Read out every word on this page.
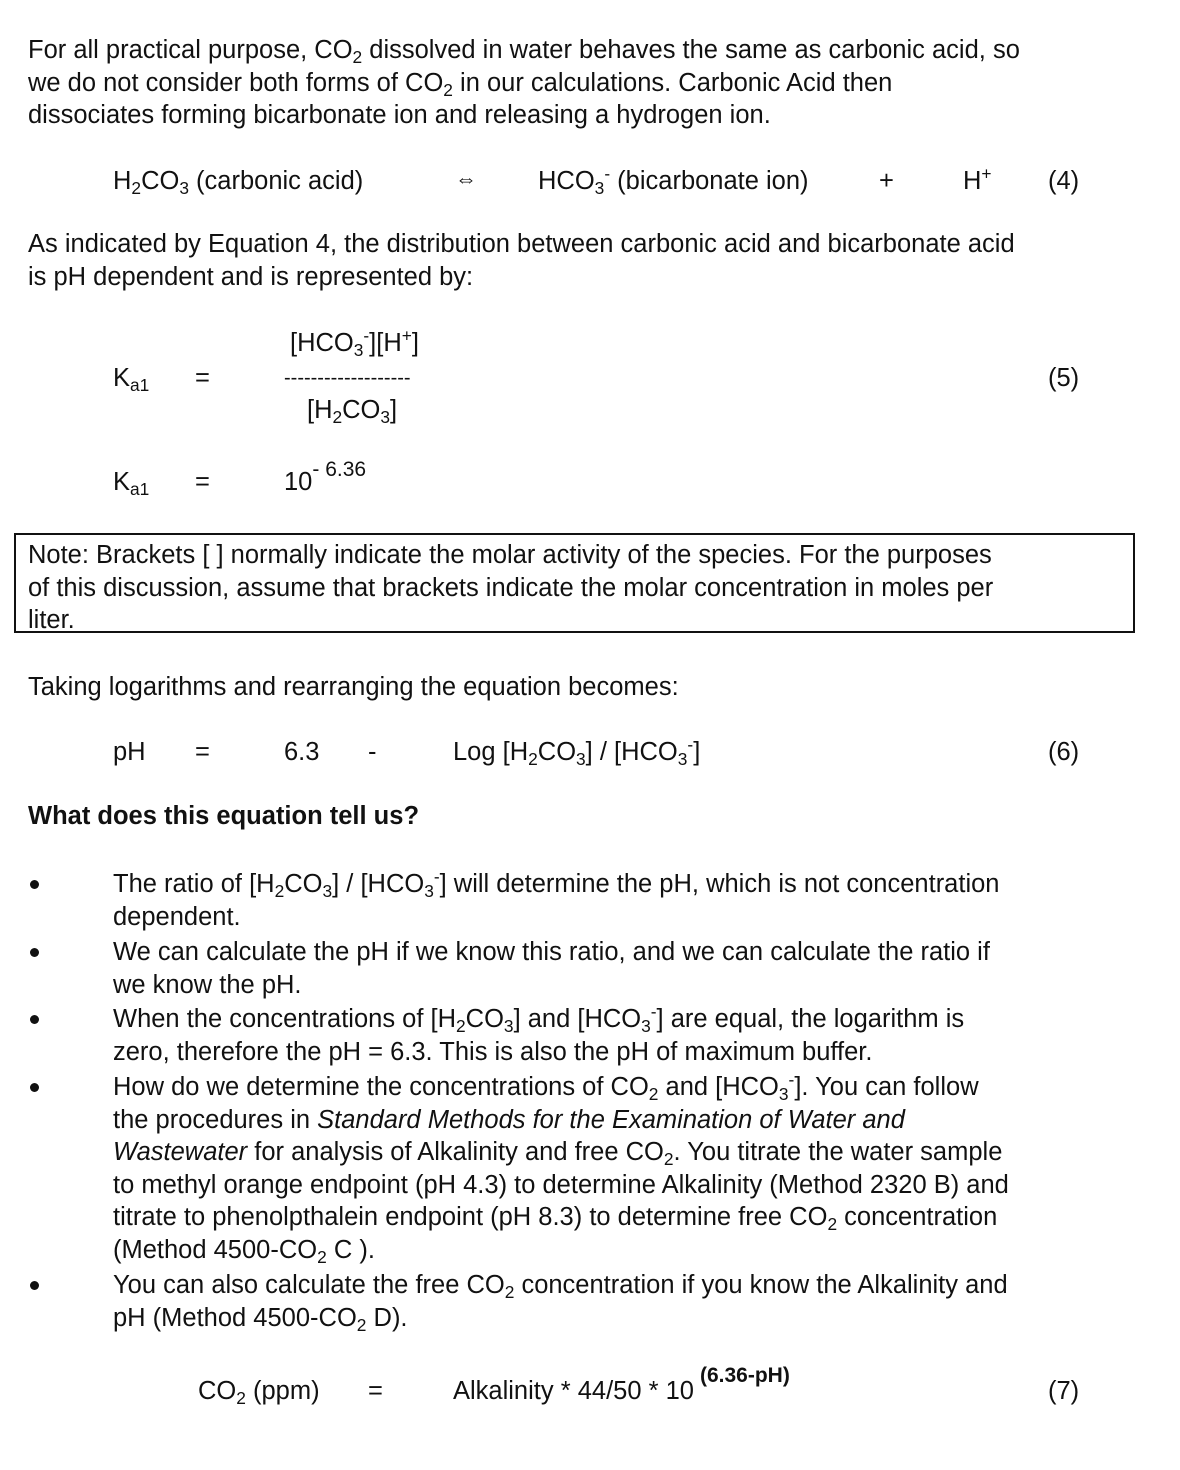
For all practical purpose, $CO_2$ dissolved in water behaves the same as carbonic acid, so
we do not consider both forms of $CO_2$ in our calculations. Carbonic Acid then
dissociates forming bicarbonate ion and releasing a hydrogen ion.
$H_2CO_3$ (carbonic acid)	⇔ $HCO_3^-$ (bicarbonate ion)	+	H+ (4)
As indicated by Equation 4, the distribution between carbonic acid and bicarbonate acid
is pH dependent and is represented by:
$K_{a1}$ =
$[HCO_3^-][H^+]$
-------------------
$[H_2CO_3]$
(5)
$K_{a1}$ =	$10^{- 6.36}$
Note: Brackets [ ] normally indicate the molar activity of the species. For the purposes
of this discussion, assume that brackets indicate the molar concentration in moles per
liter.
Taking logarithms and rearranging the equation becomes:
pH =	6.3 -	Log $[H_2CO_3] / [HCO_3^-]$	(6)
What does this equation tell us?
The ratio of $[H_2CO_3] / [HCO_3^-]$ will determine the pH, which is not concentration
dependent.
We can calculate the pH if we know this ratio, and we can calculate the ratio if
we know the pH.
When the concentrations of $[H_2CO_3]$ and $[HCO_3^-]$ are equal, the logarithm is
zero, therefore the pH = 6.3. This is also the pH of maximum buffer.
How do we determine the concentrations of $CO_2$ and $[HCO_3^-]$. You can follow
the procedures in Standard Methods for the Examination of Water and
Wastewater for analysis of Alkalinity and free $CO_2$. You titrate the water sample
to methyl orange endpoint (pH 4.3) to determine Alkalinity (Method 2320 B) and
titrate to phenolpthalein endpoint (pH 8.3) to determine free $CO_2$ concentration
(Method $4500-CO_2$ C ).
You can also calculate the free $CO_2$ concentration if you know the Alkalinity and
pH (Method $4500-CO_2$ D).
$CO_2$ (ppm) =	Alkalinity * $44/50 * 10^{(6.36-pH)}$
(7)
